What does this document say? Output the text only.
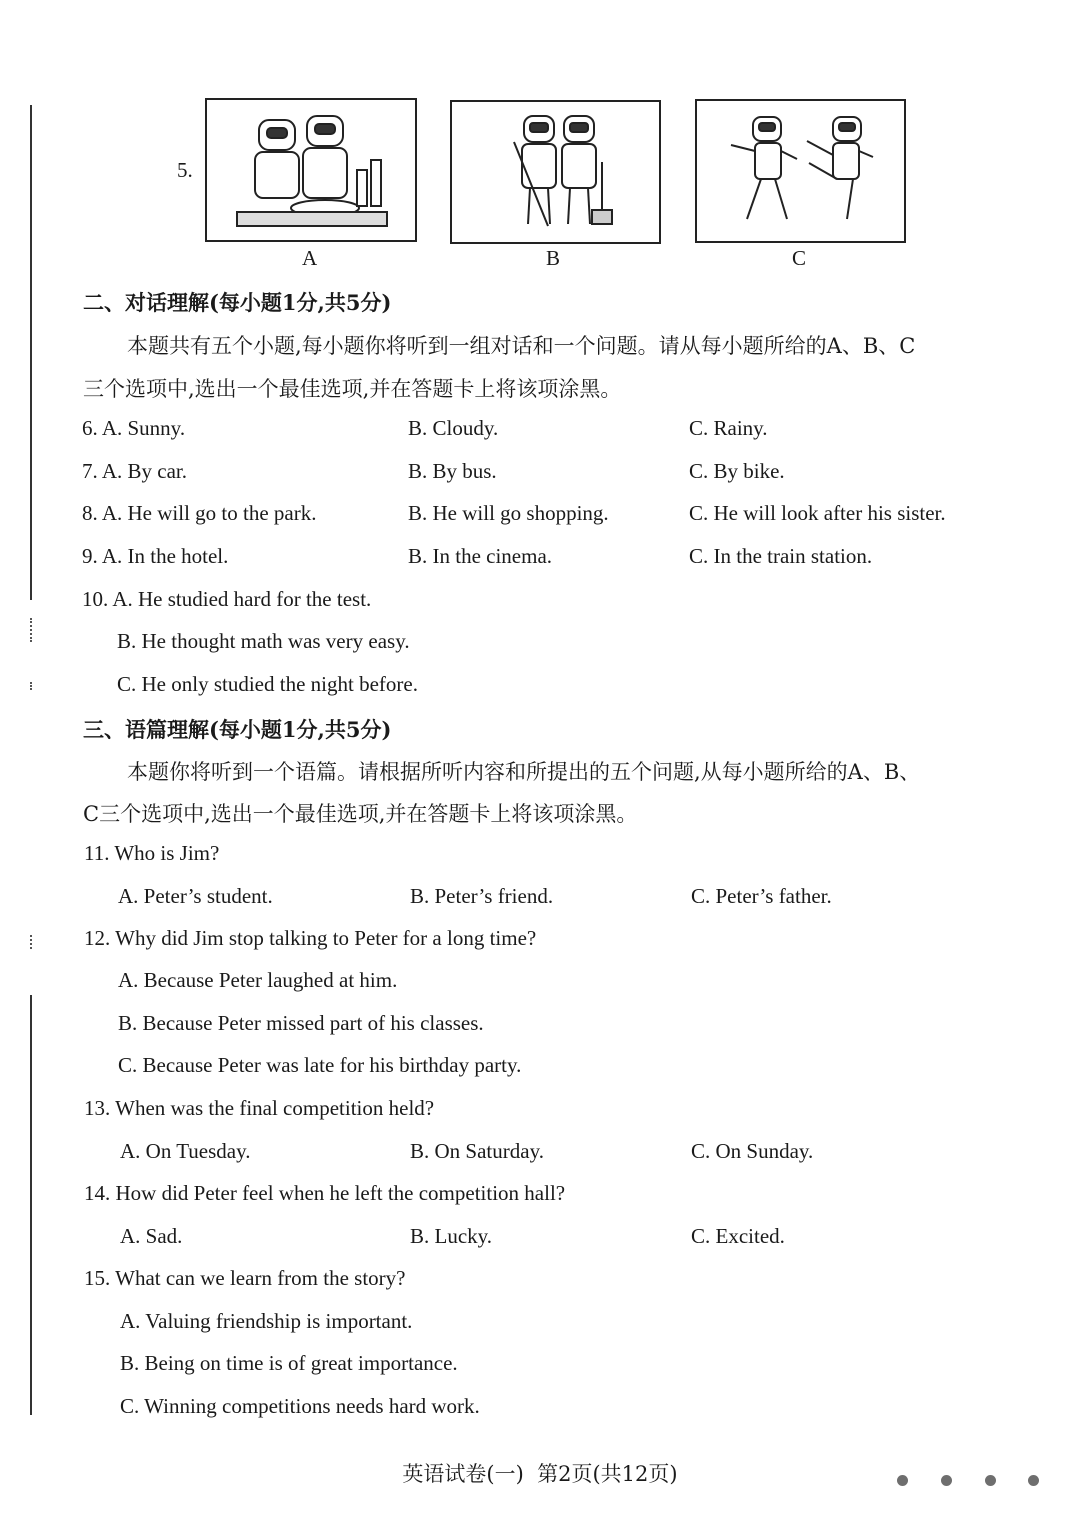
5.
A	B	C
二、对话理解(每小题1分,共5分)
本题共有五个小题,每小题你将听到一组对话和一个问题。请从每小题所给的A、B、C
三个选项中,选出一个最佳选项,并在答题卡上将该项涂黑。
6. A. Sunny.	B. Cloudy.	C. Rainy.
7. A. By car.	B. By bus.	C. By bike.
8. A. He will go to the park.	B. He will go shopping.	C. He will look after his sister.
9. A. In the hotel.	B. In the cinema.	C. In the train station.
10. A. He studied hard for the test.
B. He thought math was very easy.
C. He only studied the night before.
三、语篇理解(每小题1分,共5分)
本题你将听到一个语篇。请根据所听内容和所提出的五个问题,从每小题所给的A、B、
C三个选项中,选出一个最佳选项,并在答题卡上将该项涂黑。
11. Who is Jim?
A. Peter’s student.	B. Peter’s friend.	C. Peter’s father.
12. Why did Jim stop talking to Peter for a long time?
A. Because Peter laughed at him.
B. Because Peter missed part of his classes.
C. Because Peter was late for his birthday party.
13. When was the final competition held?
A. On Tuesday.	B. On Saturday.	C. On Sunday.
14. How did Peter feel when he left the competition hall?
A. Sad.	B. Lucky.	C. Excited.
15. What can we learn from the story?
A. Valuing friendship is important.
B. Being on time is of great importance.
C. Winning competitions needs hard work.
英语试卷(一)  第2页(共12页)
